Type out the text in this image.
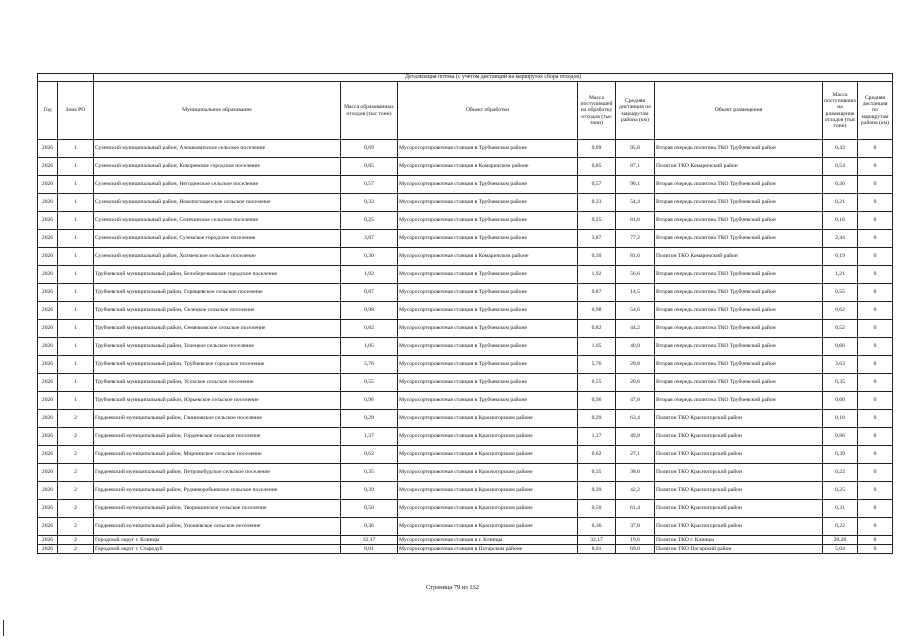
		Детализация потока (с учетом дистанций на маршрутах сбора отходов)							
Год	Зона РО	Муниципальное образование	Масса образованных отходов (тыс тонн)	Объект обработки	Масса поступившей на обработку отходов (тыс тонн)	Средняя дистанция по маршрутам района (км)	Объект размещения	Масса поступивших на размещение отходов (тыс тонн)	Средняя дистанция по маршрутам района (км)
2026	1	Суземский муниципальный район, Алешковичское сельское поселение	0,69	Мусоросортировочная станция в Трубчевском районе	0,69	95,8	Вторая очередь полигона ТКО Трубчевский район	0,43	0
2026	1	Суземский муниципальный район, Кокоревское городское поселение	0,85	Мусоросортировочная станция в Комаричском районе	0,85	87,1	Полигон ТКО Комаричский район	0,54	0
2026	1	Суземский муниципальный район, Негодинское сельское поселение	0,57	Мусоросортировочная станция в Трубчевском районе	0,57	90,1	Вторая очередь полигона ТКО Трубчевский район	0,36	0
2026	1	Суземский муниципальный район, Новопогощенское сельское поселение	0,33	Мусоросортировочная станция в Трубчевском районе	0,33	54,4	Вторая очередь полигона ТКО Трубчевский район	0,21	0
2026	1	Суземский муниципальный район, Селечинское сельское поселение	0,25	Мусоросортировочная станция в Трубчевском районе	0,25	81,6	Вторая очередь полигона ТКО Трубчевский район	0,16	0
2026	1	Суземский муниципальный район, Суземское городское поселение	3,87	Мусоросортировочная станция в Трубчевском районе	3,87	77,2	Вторая очередь полигона ТКО Трубчевский район	2,44	0
2026	1	Суземский муниципальный район, Холмечское сельское поселение	0,30	Мусоросортировочная станция в Комаричском районе	0,30	81,6	Полигон ТКО Комаричский район	0,19	0
2026	1	Трубчевский муниципальный район, Белоберезковское городское поселение	1,92	Мусоросортировочная станция в Трубчевском районе	1,92	56,6	Вторая очередь полигона ТКО Трубчевский район	1,21	0
2026	1	Трубчевский муниципальный район, Горящевское сельское поселение	0,87	Мусоросортировочная станция в Трубчевском районе	0,87	14,5	Вторая очередь полигона ТКО Трубчевский район	0,55	0
2026	1	Трубчевский муниципальный район, Селецкое сельское поселение	0,98	Мусоросортировочная станция в Трубчевском районе	0,98	54,6	Вторая очередь полигона ТКО Трубчевский район	0,62	0
2026	1	Трубчевский муниципальный район, Семячковское сельское поселение	0,82	Мусоросортировочная станция в Трубчевском районе	0,82	44,2	Вторая очередь полигона ТКО Трубчевский район	0,52	0
2026	1	Трубчевский муниципальный район, Телецкое сельское поселение	1,05	Мусоросортировочная станция в Трубчевском районе	1,05	40,0	Вторая очередь полигона ТКО Трубчевский район	0,66	0
2026	1	Трубчевский муниципальный район, Трубчевское городское поселение	5,76	Мусоросортировочная станция в Трубчевском районе	5,76	29,8	Вторая очередь полигона ТКО Трубчевский район	3,63	0
2026	1	Трубчевский муниципальный район, Усохское сельское поселение	0,55	Мусоросортировочная станция в Трубчевском районе	0,55	20,6	Вторая очередь полигона ТКО Трубчевский район	0,35	0
2026	1	Трубчевский муниципальный район, Юрьевское сельское поселение	0,96	Мусоросортировочная станция в Трубчевском районе	0,96	47,8	Вторая очередь полигона ТКО Трубчевский район	0,60	0
2026	2	Гордеевский муниципальный район, Глинновское сельское поселение	0,29	Мусоросортировочная станция в Красногорском районе	0,29	63,4	Полигон ТКО Красногорский район	0,18	0
2026	2	Гордеевский муниципальный район, Гордеевское сельское поселение	1,37	Мусоросортировочная станция в Красногорском районе	1,37	49,8	Полигон ТКО Красногорский район	0,86	0
2026	2	Гордеевский муниципальный район, Мирнинское сельское поселение	0,62	Мусоросортировочная станция в Красногорском районе	0,62	27,1	Полигон ТКО Красногорский район	0,39	0
2026	2	Гордеевский муниципальный район, Петровобудское сельское поселение	0,35	Мусоросортировочная станция в Красногорском районе	0,35	38,0	Полигон ТКО Красногорский район	0,22	0
2026	2	Гордеевский муниципальный район, Рудневоробьевское сельское поселение	0,39	Мусоросортировочная станция в Красногорском районе	0,39	42,2	Полигон ТКО Красногорский район	0,25	0
2026	2	Гордеевский муниципальный район, Творишинское сельское поселение	0,50	Мусоросортировочная станция в Красногорском районе	0,50	61,4	Полигон ТКО Красногорский район	0,31	0
2026	2	Гордеевский муниципальный район, Уношевское сельское поселение	0,36	Мусоросортировочная станция в Красногорском районе	0,36	37,8	Полигон ТКО Красногорский район	0,22	0
2026	2	Городской округ г. Клинцы	32,17	Мусоросортировочная станция в г. Клинцы	32,17	19,6	Полигон ТКО г. Клинцы	20,26	0
2026	2	Городской округ г. Стародуб	8,01	Мусоросортировочная станция в Погарском районе	8,01	69,0	Полигон ТКО Погарский район	5,04	0
Страница 79 из 132
